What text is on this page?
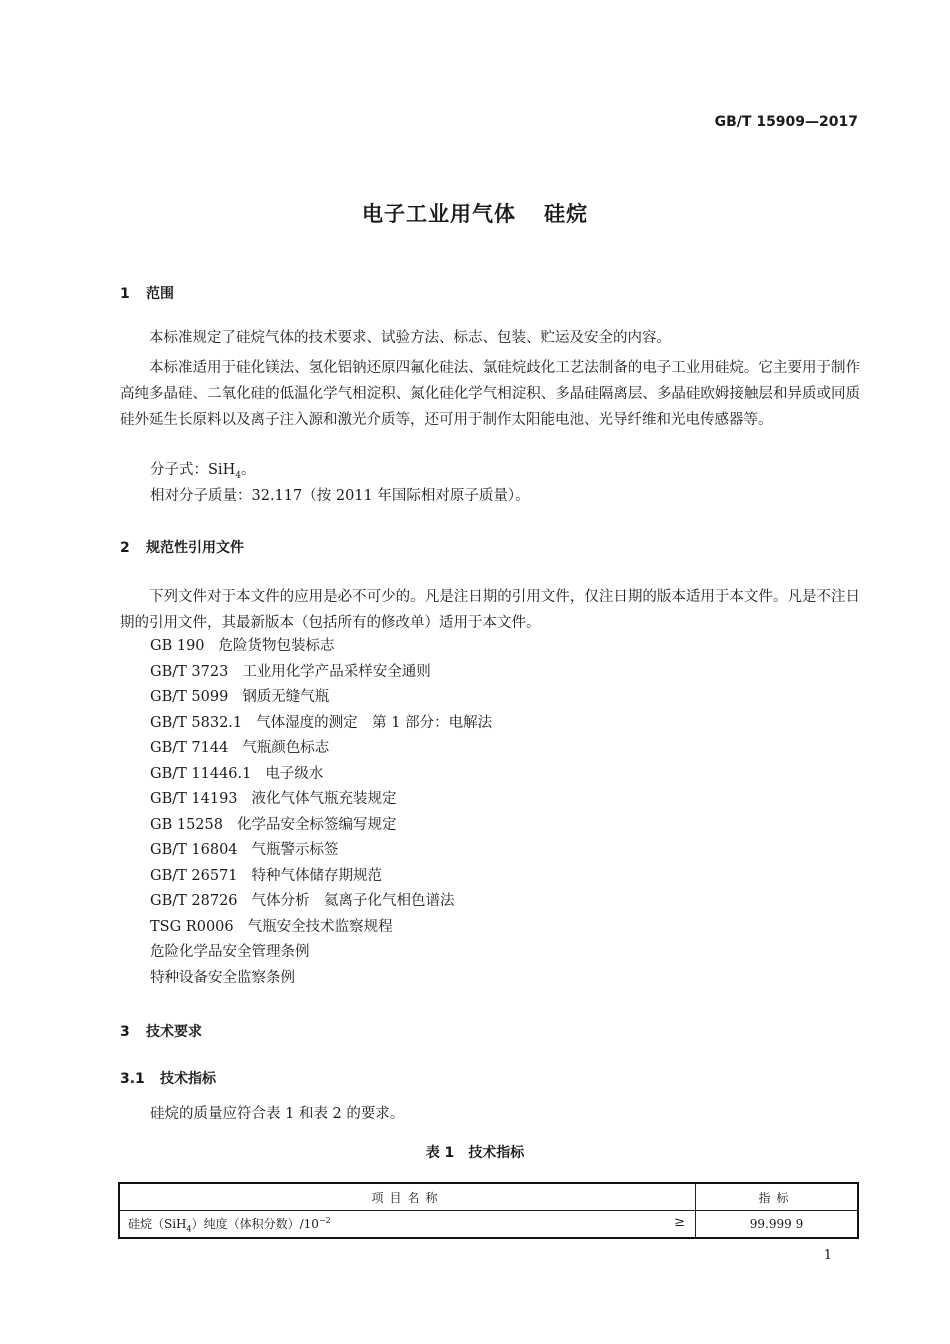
GB/T 15909—2017
电子工业用气体 硅烷
1 范围

本标准规定了硅烷气体的技术要求、试验方法、标志、包装、贮运及安全的内容。

本标准适用于硅化镁法、氢化铝钠还原四氟化硅法、氯硅烷歧化工艺法制备的电子工业用硅烷。它主要用于制作高纯多晶硅、二氧化硅的低温化学气相淀积、氮化硅化学气相淀积、多晶硅隔离层、多晶硅欧姆接触层和异质或同质硅外延生长原料以及离子注入源和激光介质等，还可用于制作太阳能电池、光导纤维和光电传感器等。

分子式：SiH$_4$。
相对分子质量：32.117（按 2011 年国际相对原子质量）。
2 规范性引用文件

下列文件对于本文件的应用是必不可少的。凡是注日期的引用文件，仅注日期的版本适用于本文件。凡是不注日期的引用文件，其最新版本（包括所有的修改单）适用于本文件。

GB 190 危险货物包装标志
GB/T 3723 工业用化学产品采样安全通则
GB/T 5099 钢质无缝气瓶
GB/T 5832.1 气体湿度的测定　第 1 部分：电解法
GB/T 7144 气瓶颜色标志
GB/T 11446.1 电子级水
GB/T 14193 液化气体气瓶充装规定
GB 15258 化学品安全标签编写规定
GB/T 16804 气瓶警示标签
GB/T 26571 特种气体储存期规范
GB/T 28726 气体分析　氦离子化气相色谱法
TSG R0006 气瓶安全技术监察规程
危险化学品安全管理条例
特种设备安全监察条例
3 技术要求
3.1 技术指标
硅烷的质量应符合表 1 和表 2 的要求。
表 1 技术指标
项目名称	指标
硅烷（SiH$_4$）纯度（体积分数）$/10^{-2}$ ≥	99.999 9
1
